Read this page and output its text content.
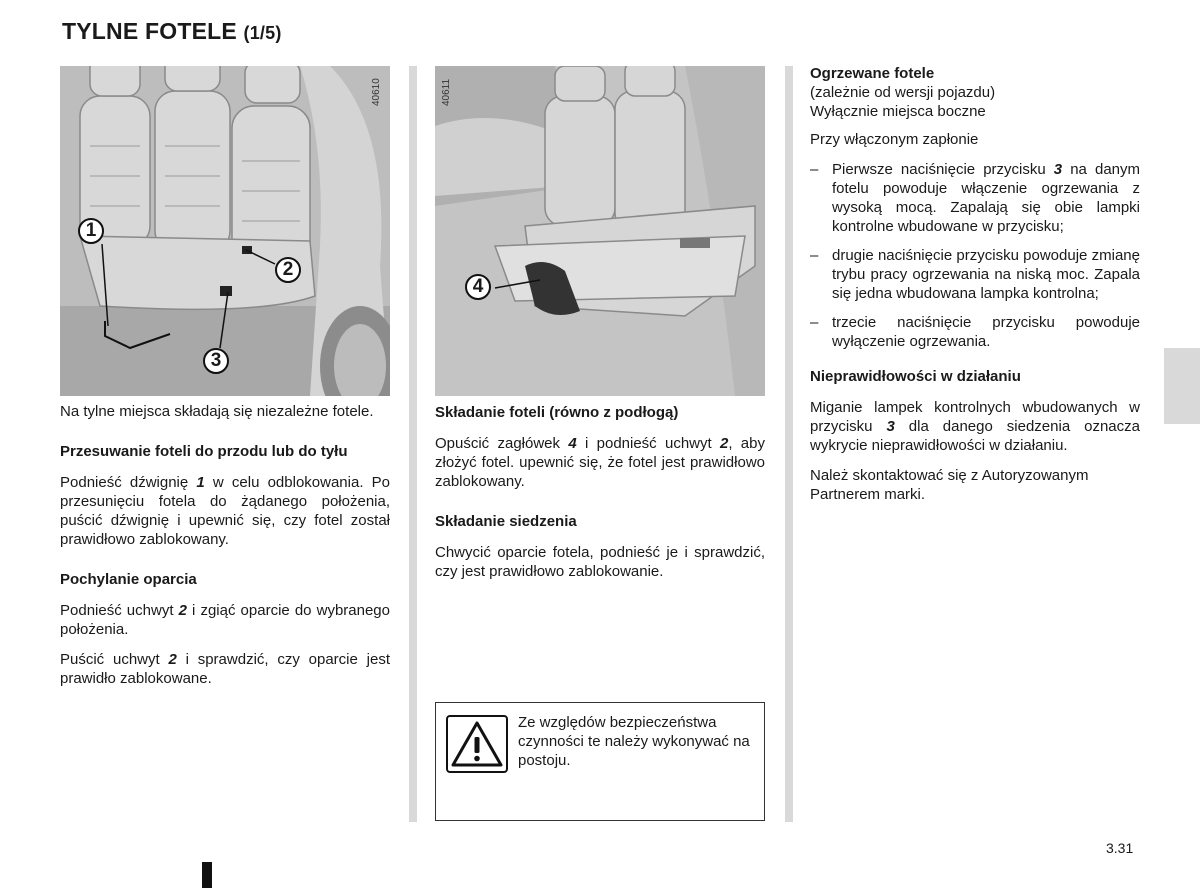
TYLNE FOTELE (1/5)
40610
1
2
3
40611
4

Na tylne miejsca składają się niezależne fotele.

Przesuwanie foteli do przodu lub do tyłu

Podnieść dźwignię 1 w celu odblokowania. Po przesunięciu fotela do żądanego położenia, puścić dźwignię i upewnić się, czy fotel został prawidłowo zablokowany.

Pochylanie oparcia

Podnieść uchwyt 2 i zgiąć oparcie do wybranego położenia.

Puścić uchwyt 2 i sprawdzić, czy oparcie jest prawidło zablokowane.

Składanie foteli (równo z podłogą)

Opuścić zagłówek 4 i podnieść uchwyt 2, aby złożyć fotel. upewnić się, że fotel jest prawidłowo zablokowany.

Składanie siedzenia

Chwycić oparcie fotela, podnieść je i sprawdzić, czy jest prawidłowo zablokowanie.

Ze względów bezpieczeństwa czynności te należy wykonywać na postoju.
Ogrzewane fotele
(zależnie od wersji pojazdu)
Wyłącznie miejsca boczne

Przy włączonym zapłonie

– Pierwsze naciśnięcie przycisku 3 na danym fotelu powoduje włączenie ogrzewania z wysoką mocą. Zapalają się obie lampki kontrolne wbudowane w przycisku;
– drugie naciśnięcie przycisku powoduje zmianę trybu pracy ogrzewania na niską moc. Zapala się jedna wbudowana lampka kontrolna;
– trzecie naciśnięcie przycisku powoduje wyłączenie ogrzewania.
Nieprawidłowości w działaniu

Miganie lampek kontrolnych wbudowanych w przycisku 3 dla danego siedzenia oznacza wykrycie nieprawidłowości w działaniu.

Należ skontaktować się z Autoryzowanym Partnerem marki.

3.31
